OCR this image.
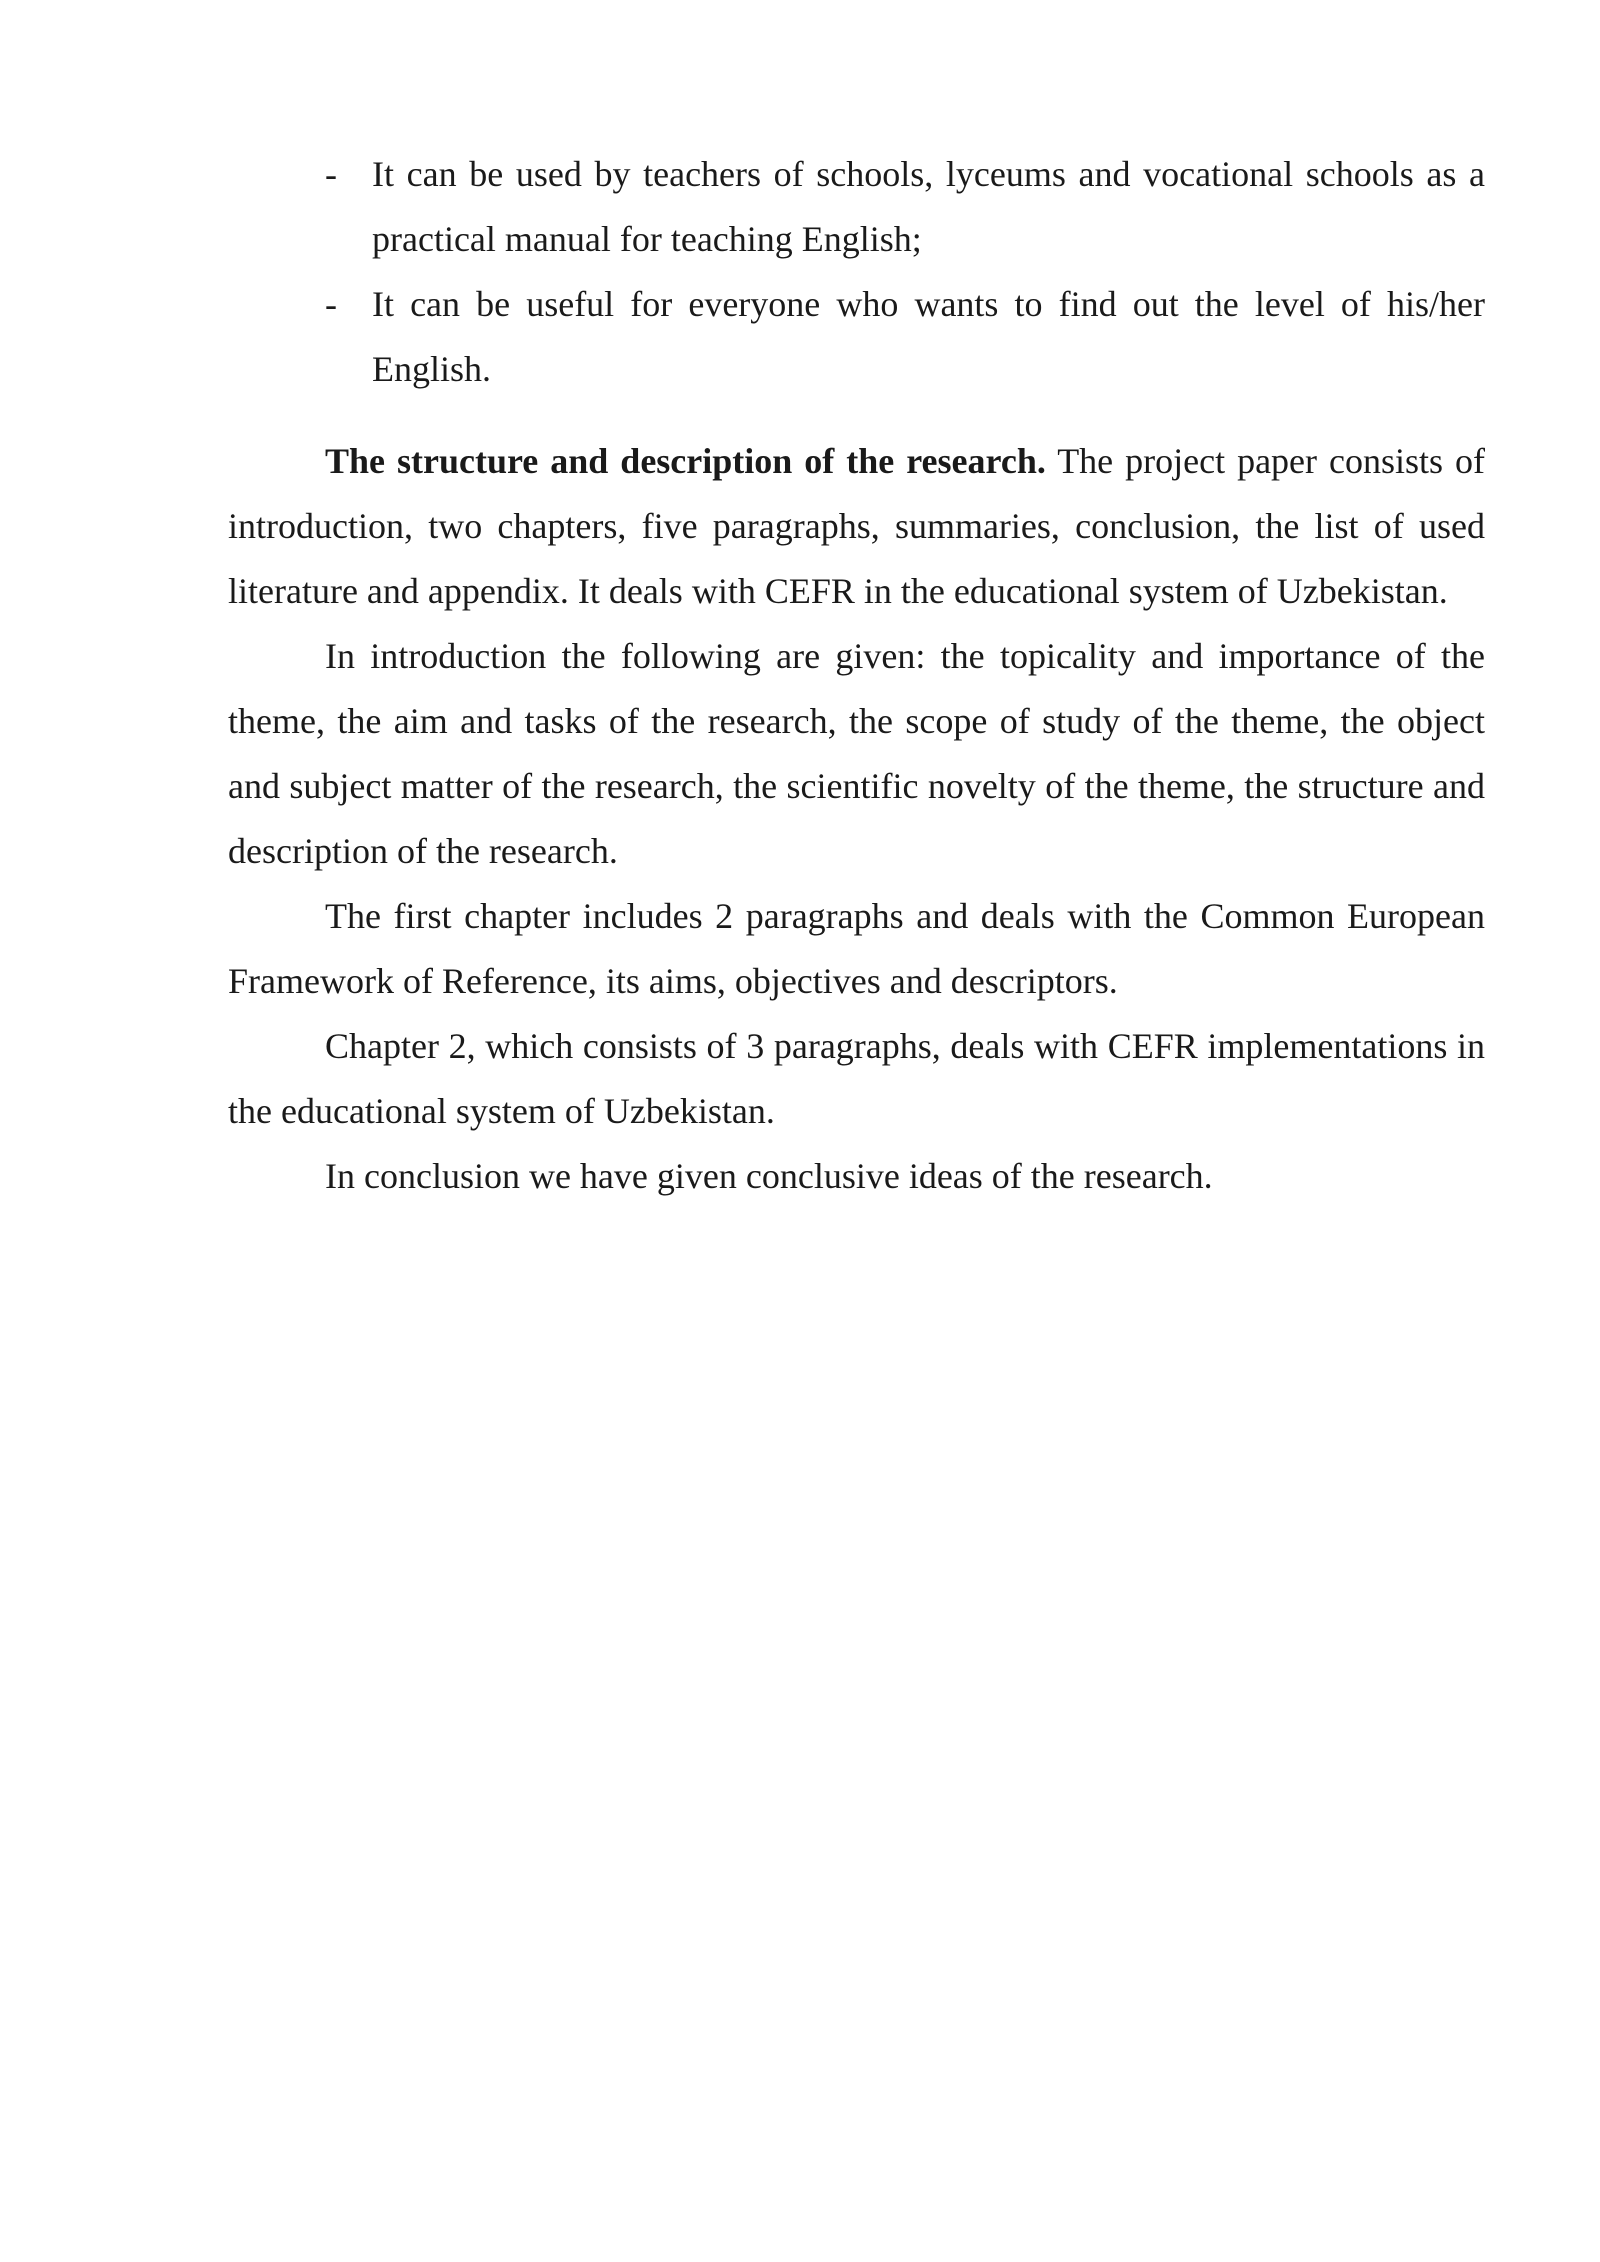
- It can be used by teachers of schools, lyceums and vocational schools as a practical manual for teaching English;
- It can be useful for everyone who wants to find out the level of his/her English.

The structure and description of the research. The project paper consists of introduction, two chapters, five paragraphs, summaries, conclusion, the list of used literature and appendix. It deals with CEFR in the educational system of Uzbekistan.

In introduction the following are given: the topicality and importance of the theme, the aim and tasks of the research, the scope of study of the theme, the object and subject matter of the research, the scientific novelty of the theme, the structure and description of the research.

The first chapter includes 2 paragraphs and deals with the Common European Framework of Reference, its aims, objectives and descriptors.

Chapter 2, which consists of 3 paragraphs, deals with CEFR implementations in the educational system of Uzbekistan.

In conclusion we have given conclusive ideas of the research.
